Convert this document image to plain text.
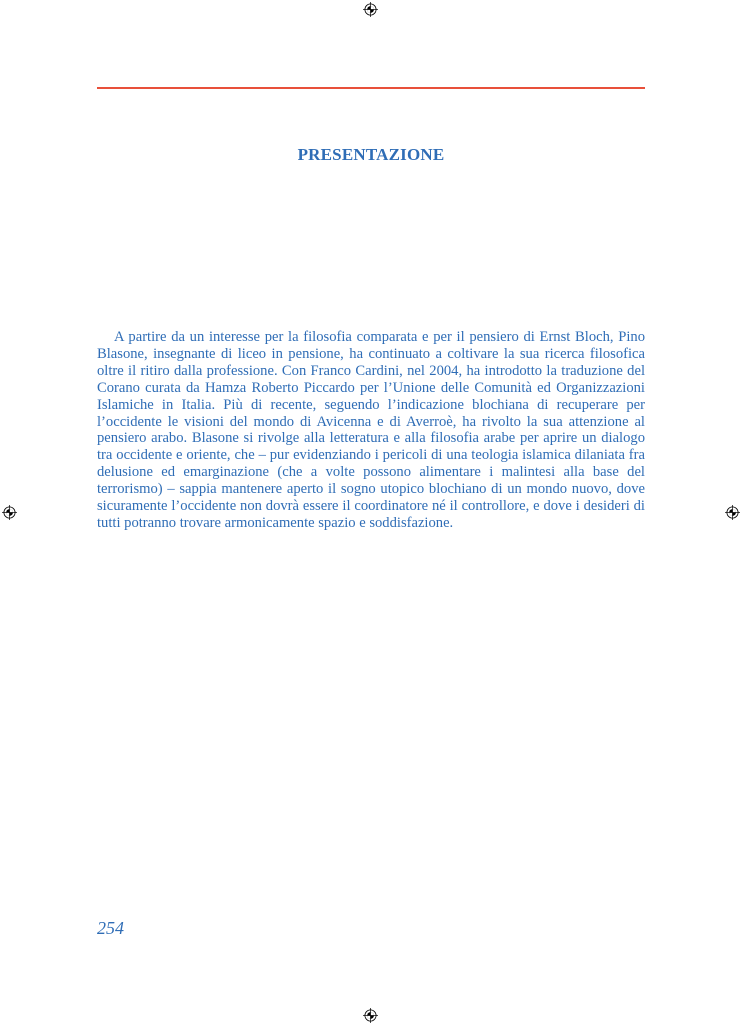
PRESENTAZIONE

A partire da un interesse per la filosofia comparata e per il pensiero di Ernst Bloch, Pino Blasone, insegnante di liceo in pensione, ha continuato a coltivare la sua ricerca filosofica oltre il ritiro dalla professione. Con Franco Cardini, nel 2004, ha introdotto la traduzione del Corano curata da Hamza Roberto Piccardo per l’Unione delle Comunità ed Organizzazioni Islamiche in Italia. Più di recente, seguendo l’indicazione blochiana di recuperare per l’occidente le visioni del mondo di Avicenna e di Averroè, ha rivolto la sua attenzione al pensiero arabo. Blasone si rivolge alla letteratura e alla filosofia arabe per aprire un dialogo tra occidente e oriente, che – pur evidenziando i pericoli di una teologia islamica dilaniata fra delusione ed emarginazione (che a volte possono alimentare i malintesi alla base del terrorismo) – sappia mantenere aperto il sogno utopico blochiano di un mondo nuovo, dove sicuramente l’occidente non dovrà essere il coordinatore né il controllore, e dove i desideri di tutti potranno trovare armonicamente spazio e soddisfazione.

254
